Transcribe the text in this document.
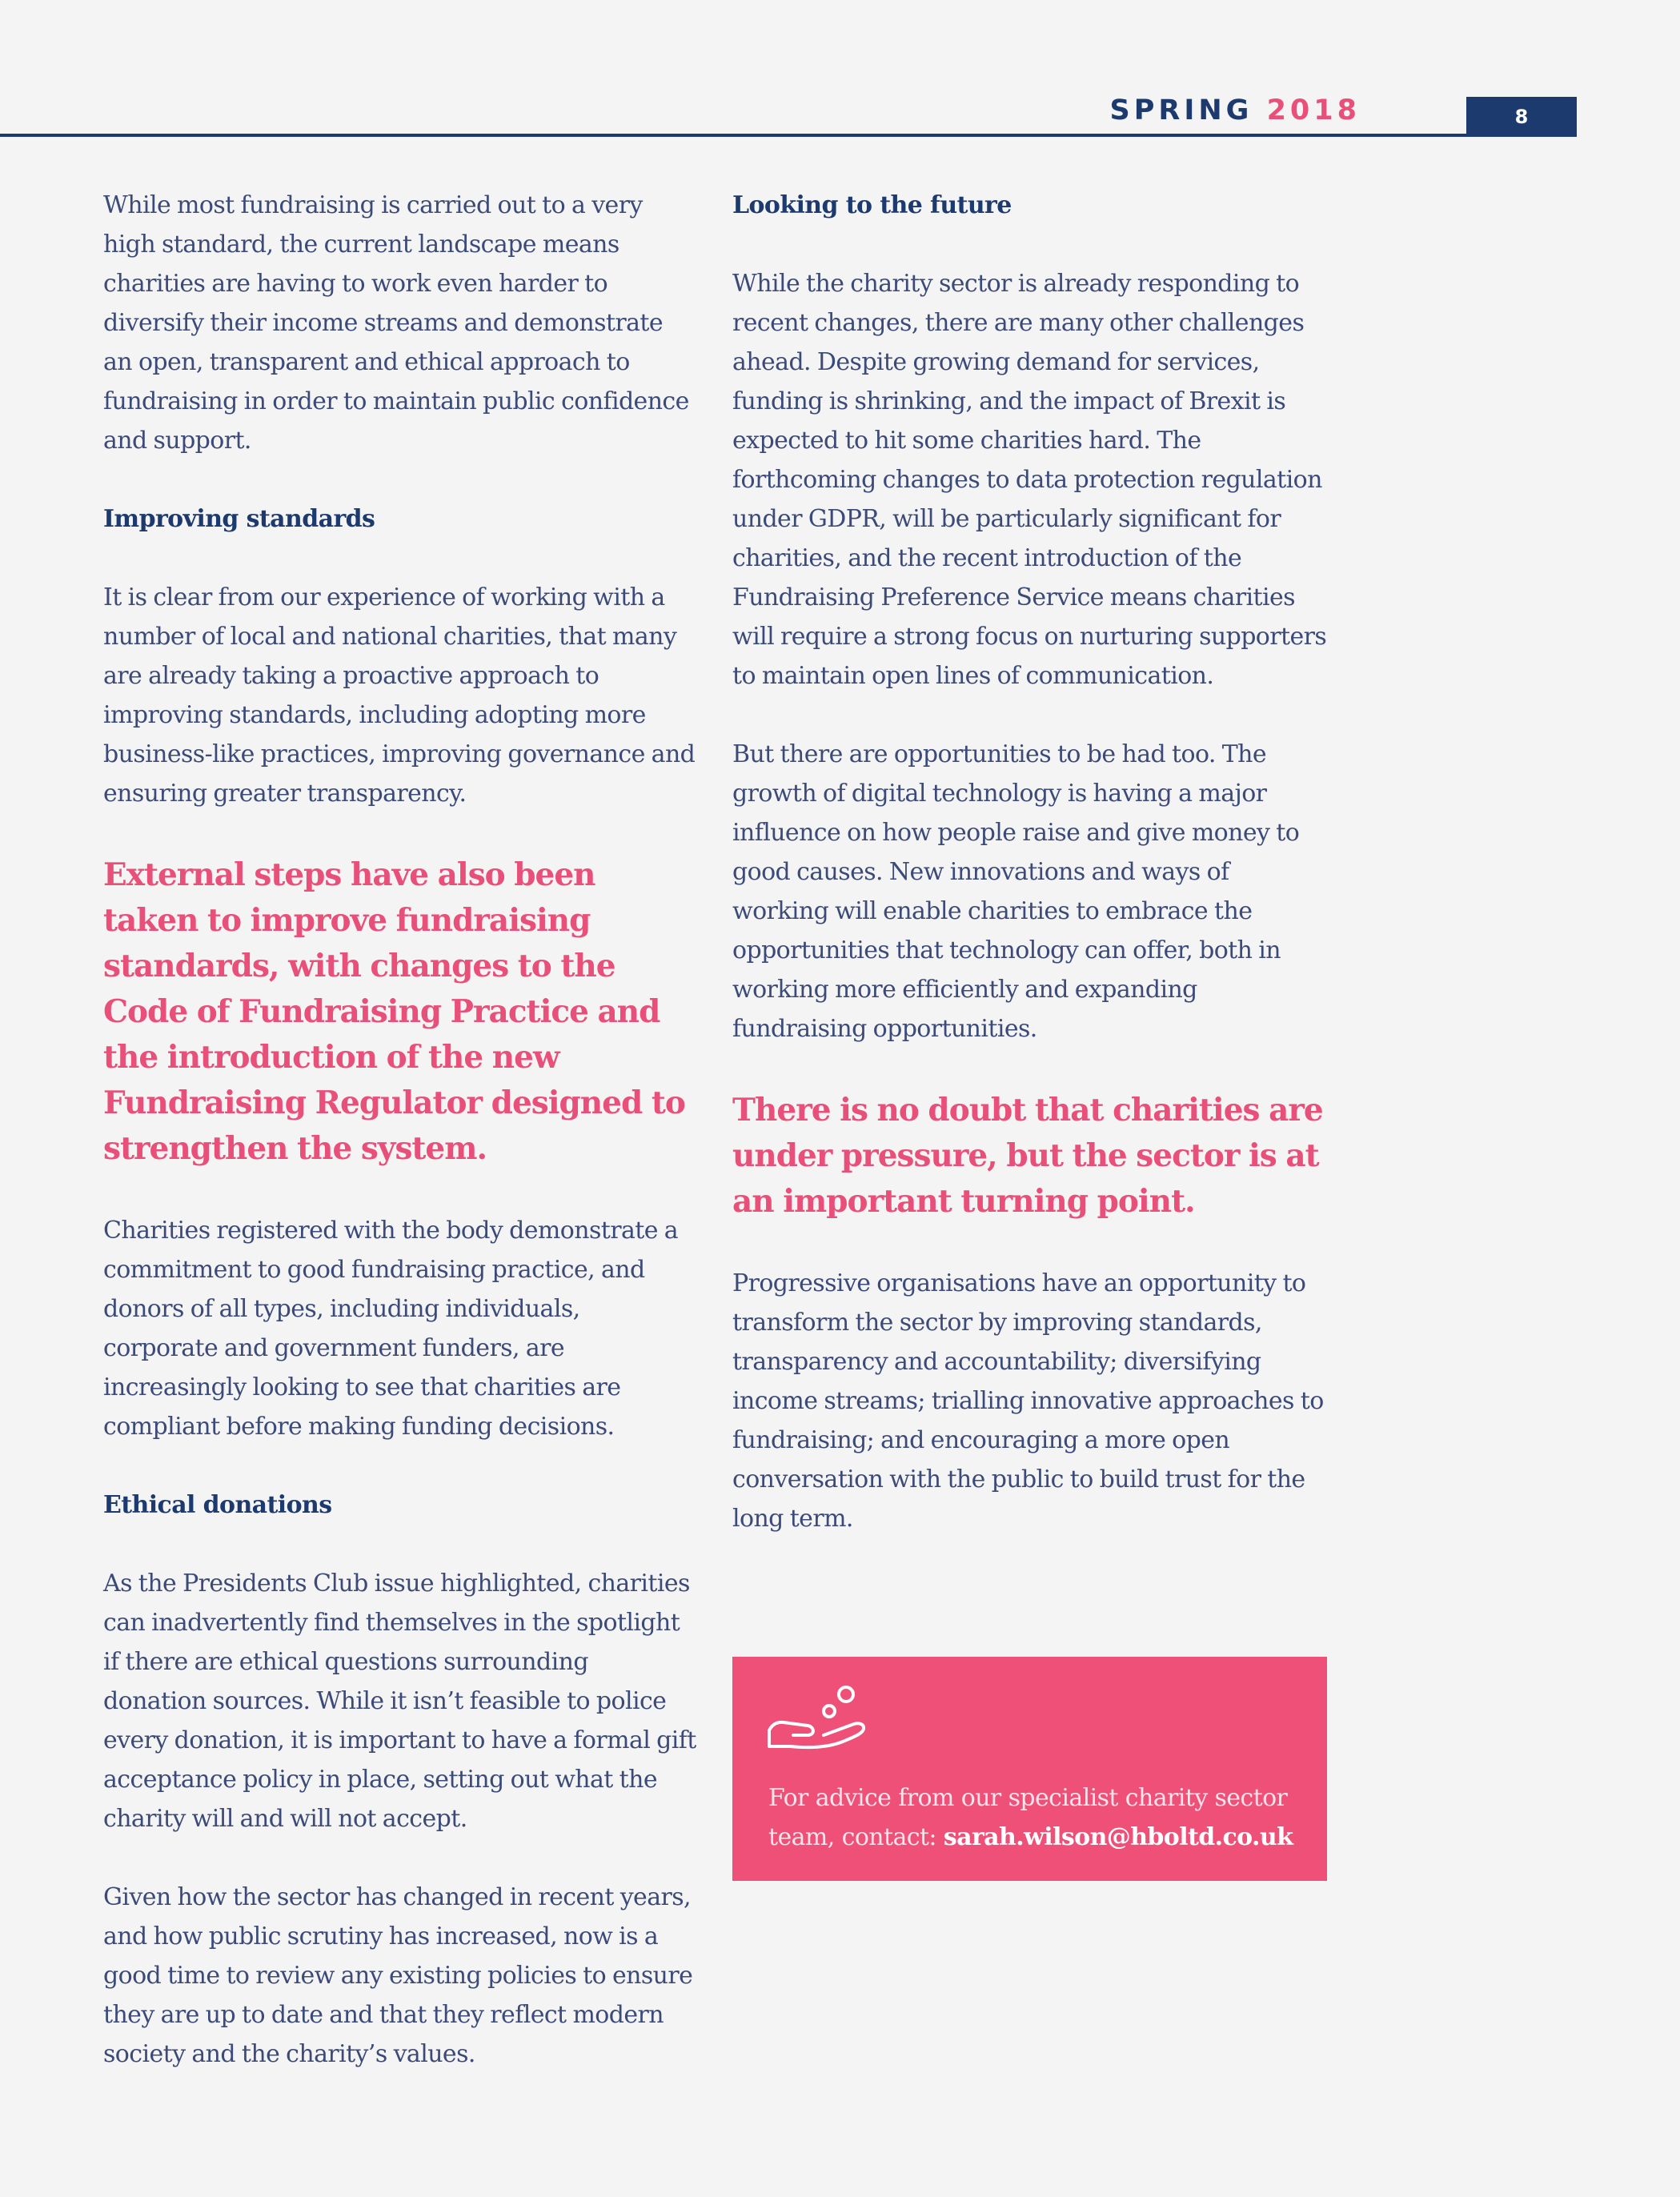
SPRING 2018	8

While most fundraising is carried out to a very high standard, the current landscape means charities are having to work even harder to diversify their income streams and demonstrate an open, transparent and ethical approach to fundraising in order to maintain public confidence and support.

Improving standards

It is clear from our experience of working with a number of local and national charities, that many are already taking a proactive approach to improving standards, including adopting more business-like practices, improving governance and ensuring greater transparency.

External steps have also been taken to improve fundraising standards, with changes to the Code of Fundraising Practice and the introduction of the new Fundraising Regulator designed to strengthen the system.

Charities registered with the body demonstrate a commitment to good fundraising practice, and donors of all types, including individuals, corporate and government funders, are increasingly looking to see that charities are compliant before making funding decisions.

Ethical donations

As the Presidents Club issue highlighted, charities can inadvertently find themselves in the spotlight if there are ethical questions surrounding donation sources. While it isn’t feasible to police every donation, it is important to have a formal gift acceptance policy in place, setting out what the charity will and will not accept.

Given how the sector has changed in recent years, and how public scrutiny has increased, now is a good time to review any existing policies to ensure they are up to date and that they reflect modern society and the charity’s values.

Looking to the future

While the charity sector is already responding to recent changes, there are many other challenges ahead. Despite growing demand for services, funding is shrinking, and the impact of Brexit is expected to hit some charities hard. The forthcoming changes to data protection regulation under GDPR, will be particularly significant for charities, and the recent introduction of the Fundraising Preference Service means charities will require a strong focus on nurturing supporters to maintain open lines of communication.

But there are opportunities to be had too. The growth of digital technology is having a major influence on how people raise and give money to good causes. New innovations and ways of working will enable charities to embrace the opportunities that technology can offer, both in working more efficiently and expanding fundraising opportunities.

There is no doubt that charities are under pressure, but the sector is at an important turning point.

Progressive organisations have an opportunity to transform the sector by improving standards, transparency and accountability; diversifying income streams; trialling innovative approaches to fundraising; and encouraging a more open conversation with the public to build trust for the long term.

For advice from our specialist charity sector team, contact: sarah.wilson@hboltd.co.uk
